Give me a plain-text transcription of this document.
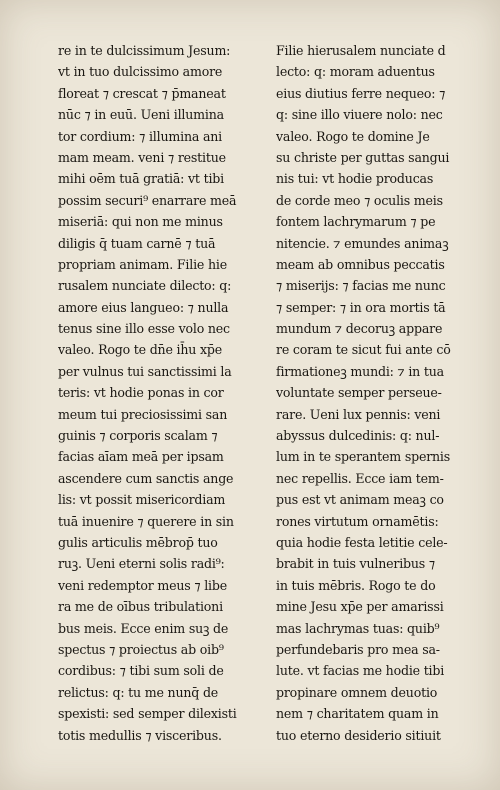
re in te dulcissimum Jesum:
vt in tuo dulcissimo amore
floreat ⁊ crescat ⁊ p̄maneat
nūc ⁊ in euū. Ueni illumina
tor cordium: ⁊ illumina ani
mam meam. veni ⁊ restitue
mihi oēm tuā gratiā: vt tibi
possim securi⁹ enarrare meā
miseriā: qui non me minus
diligis q̄ tuam carnē ⁊ tuā
propriam animam. Filie hie
rusalem nunciate dilecto: q:
amore eius langueo: ⁊ nulla
tenus sine illo esse volo nec
valeo. Rogo te dn̄e ih̄u xp̄e
per vulnus tui sanctissimi la
teris: vt hodie ponas in cor
meum tui preciosissimi san
guinis ⁊ corporis scalam ⁊
facias aīam meā per ipsam
ascendere cum sanctis ange
lis: vt possit misericordiam
tuā inuenire ⁊ querere in sin
gulis articulis mēbrop̄ tuo
ruꝫ. Ueni eterni solis radi⁹:
veni redemptor meus ⁊ libe
ra me de oībus tribulationi
bus meis. Ecce enim suꝫ de
spectus ⁊ proiectus ab oib⁹
cordibus: ⁊ tibi sum soli de
relictus: q: tu me nunq̄ de
spexisti: sed semper dilexisti
totis medullis ⁊ visceribus.
Filie hierusalem nunciate d
lecto: q: moram aduentus
eius diutius ferre nequeo: ⁊
q: sine illo viuere nolo: nec
valeo. Rogo te domine Je
su christe per guttas sangui
nis tui: vt hodie producas
de corde meo ⁊ oculis meis
fontem lachrymarum ⁊ pe
nitencie. ⁊ emundes animaꝫ
meam ab omnibus peccatis
⁊ miserijs: ⁊ facias me nunc
⁊ semper: ⁊ in ora mortis tā
mundum ⁊ decoruꝫ appare
re coram te sicut fui ante cō
firmationeꝫ mundi: ⁊ in tua
voluntate semper perseue-
rare. Ueni lux pennis: veni
abyssus dulcedinis: q: nul-
lum in te sperantem spernis
nec repellis. Ecce iam tem-
pus est vt animam meaꝫ co
rones virtutum ornamētis:
quia hodie festa letitie cele-
brabit in tuis vulneribus ⁊
in tuis mēbris. Rogo te do
mine Jesu xp̄e per amarissi
mas lachrymas tuas: quib⁹
perfundebaris pro mea sa-
lute. vt facias me hodie tibi
propinare omnem deuotio
nem ⁊ charitatem quam in
tuo eterno desiderio sitiuit
